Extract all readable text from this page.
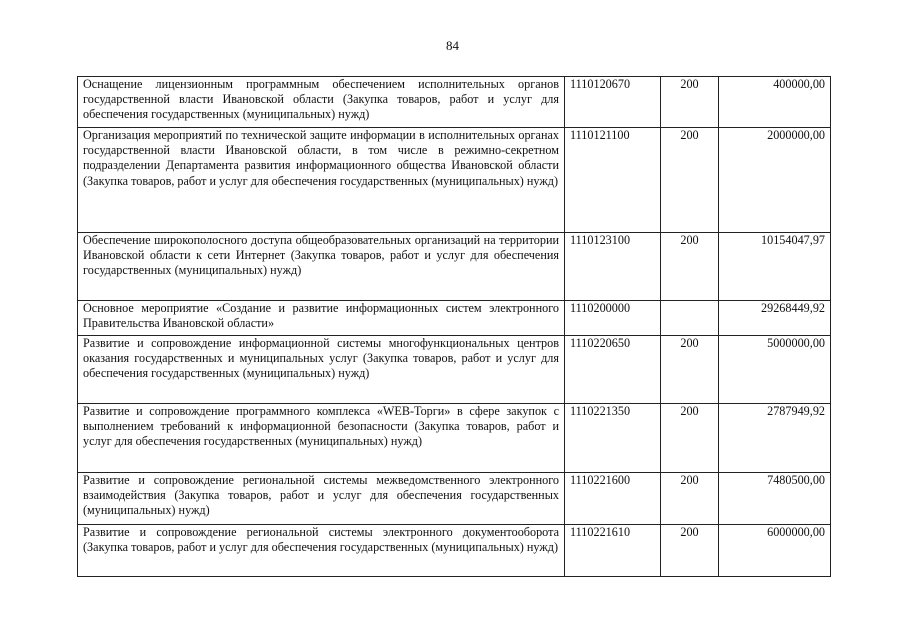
84
Оснащение лицензионным программным обеспечением исполнительных органов государственной власти Ивановской области (Закупка товаров, работ и услуг для обеспечения государственных (муниципальных) нужд)	1110120670	200	400000,00
Организация мероприятий по технической защите информации в исполнительных органах государственной власти Ивановской области, в том числе в режимно-секретном подразделении Департамента развития информационного общества Ивановской области (Закупка товаров, работ и услуг для обеспечения государственных (муниципальных) нужд)	1110121100	200	2000000,00
Обеспечение широкополосного доступа общеобразовательных организаций на территории Ивановской области к сети Интернет (Закупка товаров, работ и услуг для обеспечения государственных (муниципальных) нужд)	1110123100	200	10154047,97
Основное мероприятие «Создание и развитие информационных систем электронного Правительства Ивановской области»	1110200000		29268449,92
Развитие и сопровождение информационной системы многофункциональных центров оказания государственных и муниципальных услуг (Закупка товаров, работ и услуг для обеспечения государственных (муниципальных) нужд)	1110220650	200	5000000,00
Развитие и сопровождение программного комплекса «WEB-Торги» в сфере закупок с выполнением требований к информационной безопасности (Закупка товаров, работ и услуг для обеспечения государственных (муниципальных) нужд)	1110221350	200	2787949,92
Развитие и сопровождение региональной системы межведомственного электронного взаимодействия (Закупка товаров, работ и услуг для обеспечения государственных (муниципальных) нужд)	1110221600	200	7480500,00
Развитие и сопровождение региональной системы электронного документооборота (Закупка товаров, работ и услуг для обеспечения государственных (муниципальных) нужд)	1110221610	200	6000000,00
